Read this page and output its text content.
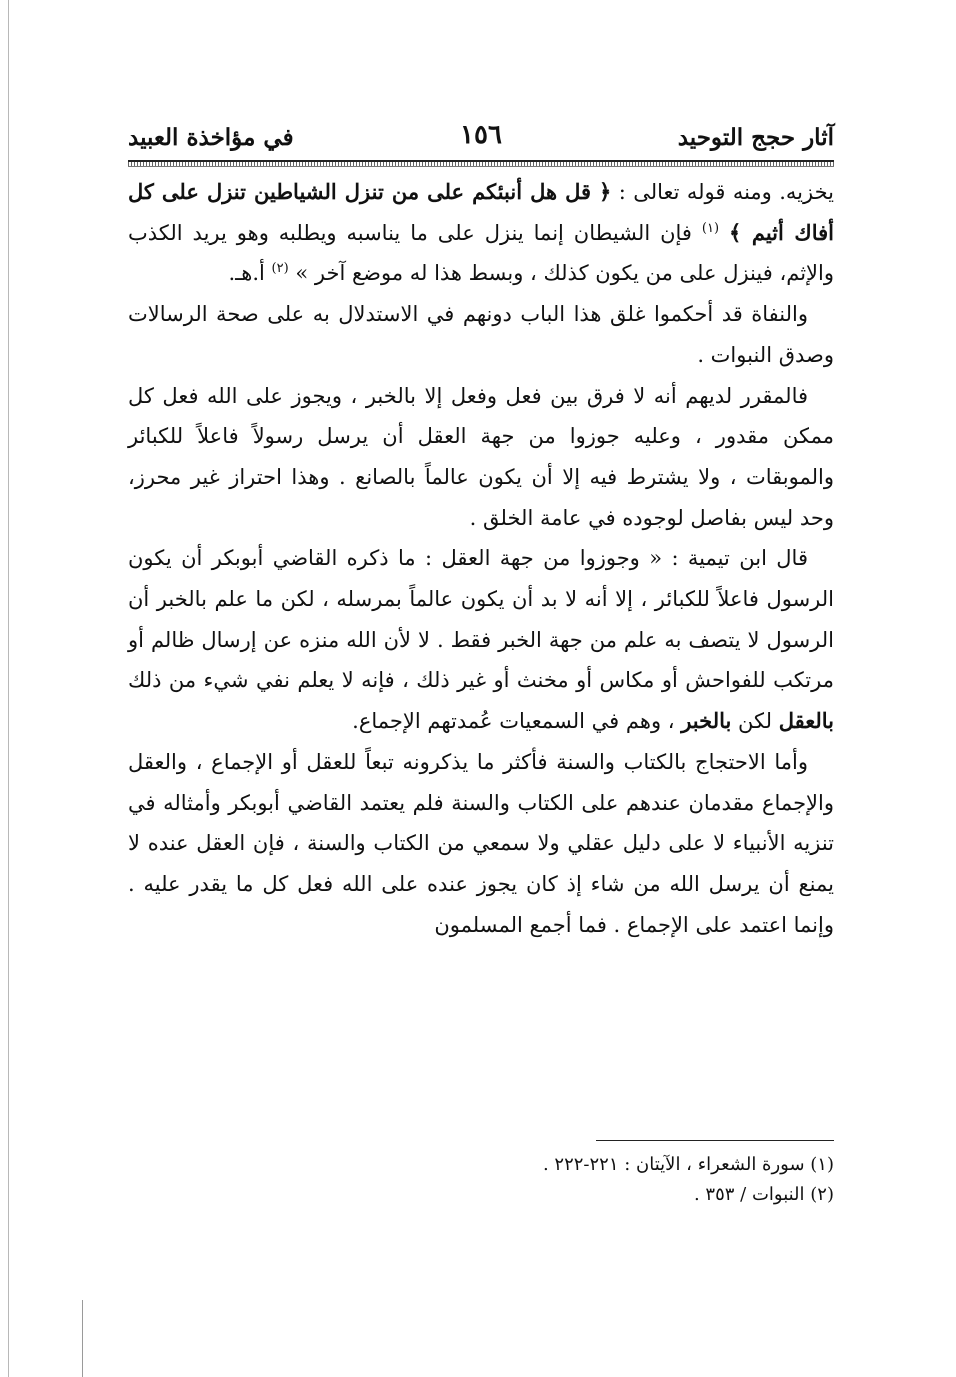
آثار حجج التوحيد
١٥٦
في مؤاخذة العبيد

يخزيه. ومنه قوله تعالى : ﴿ قل هل أنبئكم على من تنزل الشياطين تنزل على كل أفاك أثيم ﴾ $^{(١)}$ فإن الشيطان إنما ينزل على ما يناسبه ويطلبه وهو يريد الكذب والإثم، فينزل على من يكون كذلك ، وبسط هذا له موضع آخر » $^{(٢)}$ أ.هـ.

والنفاة قد أحكموا غلق هذا الباب دونهم في الاستدلال به على صحة الرسالات وصدق النبوات .

فالمقرر لديهم أنه لا فرق بين فعل وفعل إلا بالخبر ، ويجوز على الله فعل كل ممكن مقدور ، وعليه جوزوا من جهة العقل أن يرسل رسولاً فاعلاً للكبائر والموبقات ، ولا يشترط فيه إلا أن يكون عالماً بالصانع . وهذا احتراز غير محرز، وحد ليس بفاصل لوجوده في عامة الخلق .

قال ابن تيمية : « وجوزوا من جهة العقل : ما ذكره القاضي أبوبكر أن يكون الرسول فاعلاً للكبائر ، إلا أنه لا بد أن يكون عالماً بمرسله ، لكن ما علم بالخبر أن الرسول لا يتصف به علم من جهة الخبر فقط . لا لأن الله منزه عن إرسال ظالم أو مرتكب للفواحش أو مكاس أو مخنث أو غير ذلك ، فإنه لا يعلم نفي شيء من ذلك بالعقل لكن بالخبر ، وهم في السمعيات عُمدتهم الإجماع.

وأما الاحتجاج بالكتاب والسنة فأكثر ما يذكرونه تبعاً للعقل أو الإجماع ، والعقل والإجماع مقدمان عندهم على الكتاب والسنة فلم يعتمد القاضي أبوبكر وأمثاله في تنزيه الأنبياء لا على دليل عقلي ولا سمعي من الكتاب والسنة ، فإن العقل عنده لا يمنع أن يرسل الله من شاء إذ كان يجوز عنده على الله فعل كل ما يقدر عليه . وإنما اعتمد على الإجماع . فما أجمع المسلمون

(١) سورة الشعراء ، الآيتان : ٢٢١-٢٢٢ .

(٢) النبوات / ٣٥٣ .
